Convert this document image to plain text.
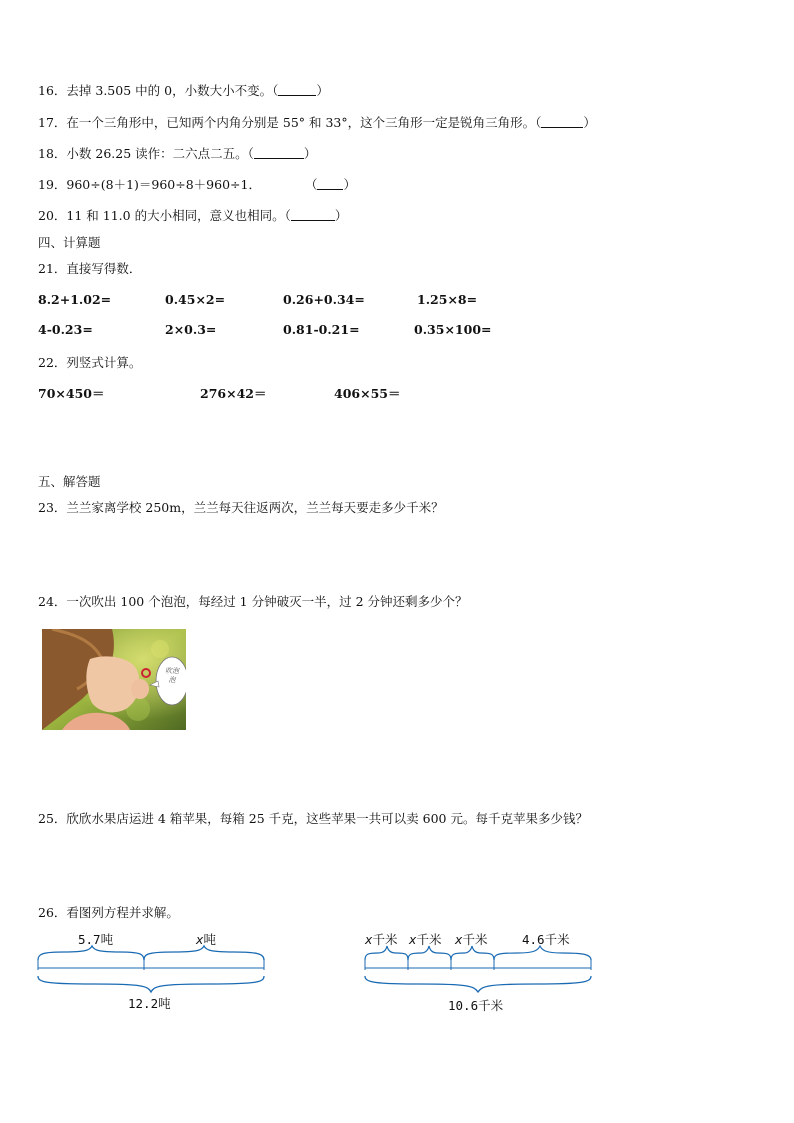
16．去掉 3.505 中的 0，小数大小不变。（	）
17．在一个三角形中，已知两个内角分别是 55° 和 33°，这个三角形一定是锐角三角形。（	）
18．小数 26.25 读作：二六点二五。（	）
19．960÷(8＋1)＝960÷8＋960÷1．	（ ）
20．11 和 11.0 的大小相同，意义也相同。（	）
四、计算题
21．直接写得数．
8.2+1.02=	0.45×2=	0.26+0.34=	1.25×8=
4-0.23=	2×0.3=	0.81-0.21=	0.35×100=
22．列竖式计算。
70×450＝	276×42＝	406×55＝
五、解答题
23．兰兰家离学校 250m，兰兰每天往返两次，兰兰每天要走多少千米？
24．一次吹出 100 个泡泡，每经过 1 分钟破灭一半，过 2 分钟还剩多少个？
吹泡泡
25．欣欣水果店运进 4 箱苹果，每箱 25 千克，这些苹果一共可以卖 600 元。每千克苹果多少钱？
26．看图列方程并求解。
5.7吨	x吨
12.2吨
x千米 x千米 x千米	4.6千米
10.6千米
